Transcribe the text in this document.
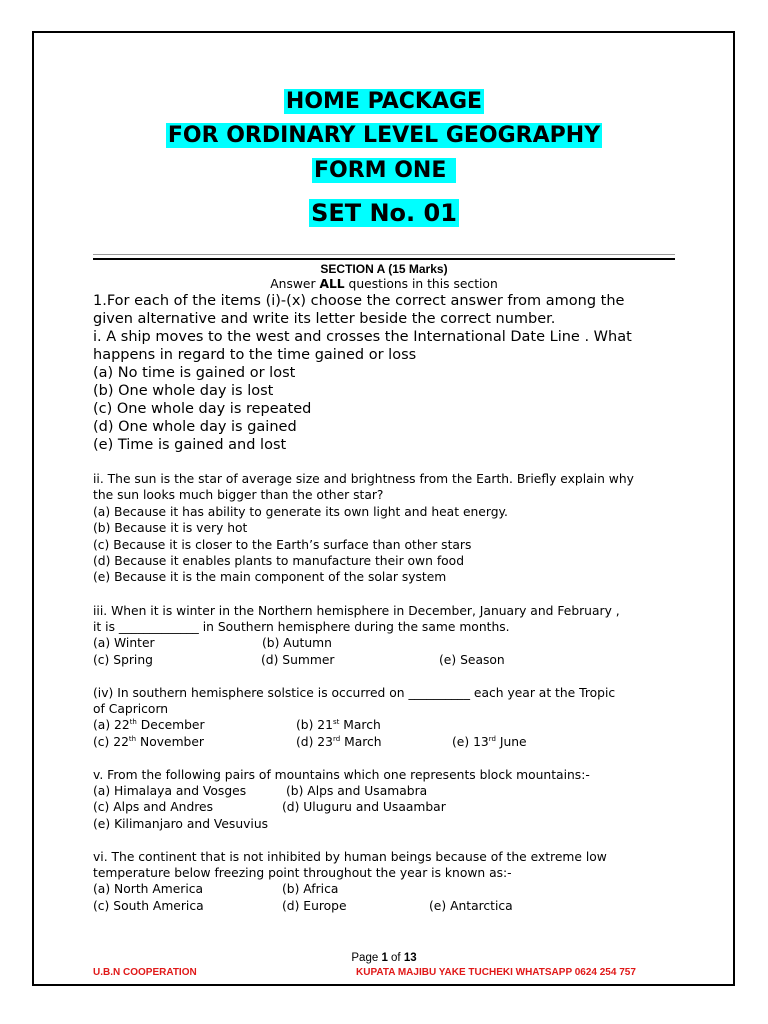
HOME PACKAGE
FOR ORDINARY LEVEL GEOGRAPHY
FORM ONE
SET No. 01
SECTION A (15 Marks)
Answer ALL questions in this section
1.For each of the items (i)-(x) choose the correct answer from among the
given alternative and write its letter beside the correct number.
i. A ship moves to the west and crosses the International Date Line . What
happens in regard to the time gained or loss
(a) No time is gained or lost
(b) One whole day is lost
(c) One whole day is repeated
(d) One whole day is gained
(e) Time is gained and lost
ii. The sun is the star of average size and brightness from the Earth. Briefly explain why
the sun looks much bigger than the other star?
(a) Because it has ability to generate its own light and heat energy.
(b) Because it is very hot
(c) Because it is closer to the Earth’s surface than other stars
(d) Because it enables plants to manufacture their own food
(e) Because it is the main component of the solar system
iii. When it is winter in the Northern hemisphere in December, January and February ,
it is _____________ in Southern hemisphere during the same months.
(a) Winter	(b) Autumn
(c) Spring	(d) Summer	(e) Season
(iv) In southern hemisphere solstice is occurred on __________ each year at the Tropic
of Capricorn
(a) 22th December	(b) 21st March
(c) 22th November	(d) 23rd March	(e) 13rd June
v. From the following pairs of mountains which one represents block mountains:-
(a) Himalaya and Vosges	(b) Alps and Usamabra
(c) Alps and Andres	(d) Uluguru and Usaambar
(e) Kilimanjaro and Vesuvius
vi. The continent that is not inhibited by human beings because of the extreme low
temperature below freezing point throughout the year is known as:-
(a) North America	(b) Africa
(c) South America	(d) Europe	(e) Antarctica
Page 1 of 13
U.B.N COOPERATION	KUPATA MAJIBU YAKE TUCHEKI WHATSAPP 0624 254 757
